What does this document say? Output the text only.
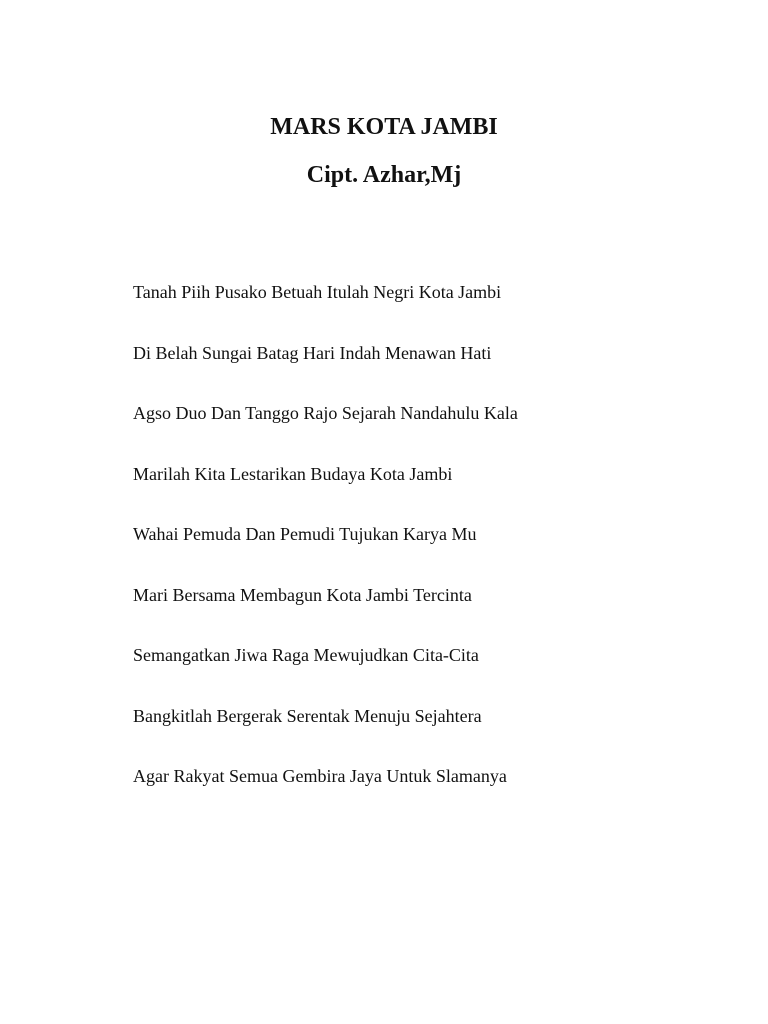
MARS KOTA JAMBI
Cipt. Azhar,Mj
Tanah Piih Pusako Betuah Itulah Negri Kota Jambi
Di Belah Sungai Batag Hari Indah Menawan Hati
Agso Duo Dan Tanggo Rajo Sejarah Nandahulu Kala
Marilah Kita Lestarikan Budaya Kota Jambi
Wahai Pemuda Dan Pemudi Tujukan Karya Mu
Mari Bersama Membagun Kota Jambi Tercinta
Semangatkan Jiwa Raga Mewujudkan Cita-Cita
Bangkitlah Bergerak Serentak Menuju Sejahtera
Agar Rakyat Semua Gembira Jaya Untuk Slamanya
